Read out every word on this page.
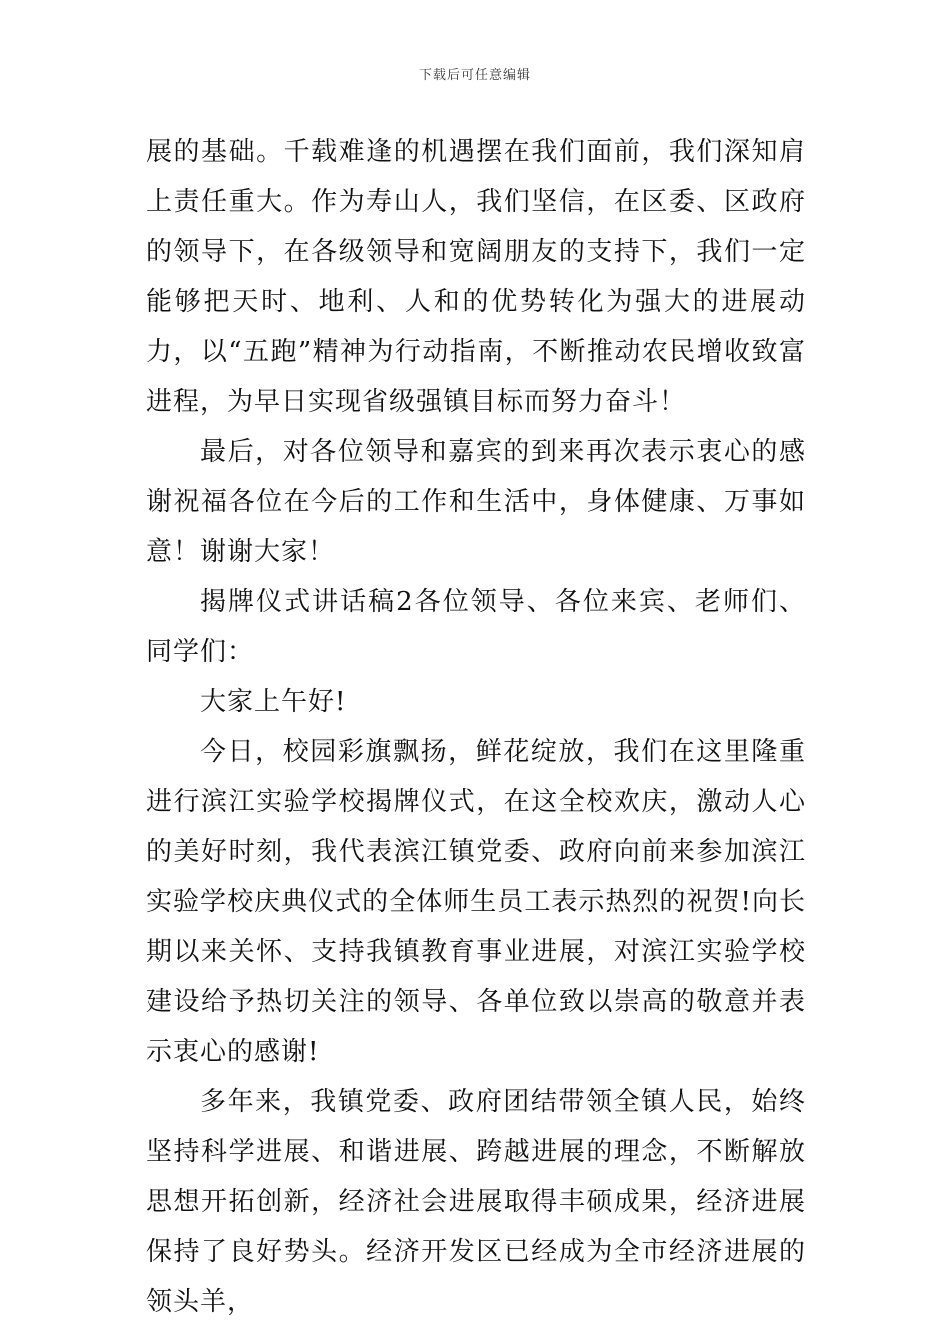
下载后可任意编辑

展的基础。千载难逢的机遇摆在我们面前，我们深知肩上责任重大。作为寿山人，我们坚信，在区委、区政府的领导下，在各级领导和宽阔朋友的支持下，我们一定能够把天时、地利、人和的优势转化为强大的进展动力，以“五跑”精神为行动指南，不断推动农民增收致富进程，为早日实现省级强镇目标而努力奋斗！

最后，对各位领导和嘉宾的到来再次表示衷心的感谢祝福各位在今后的工作和生活中，身体健康、万事如意！谢谢大家！

揭牌仪式讲话稿2各位领导、各位来宾、老师们、同学们：

大家上午好!

今日，校园彩旗飘扬，鲜花绽放，我们在这里隆重进行滨江实验学校揭牌仪式，在这全校欢庆，激动人心的美好时刻，我代表滨江镇党委、政府向前来参加滨江实验学校庆典仪式的全体师生员工表示热烈的祝贺!向长期以来关怀、支持我镇教育事业进展，对滨江实验学校建设给予热切关注的领导、各单位致以崇高的敬意并表示衷心的感谢!

多年来，我镇党委、政府团结带领全镇人民，始终坚持科学进展、和谐进展、跨越进展的理念，不断解放思想开拓创新，经济社会进展取得丰硕成果，经济进展保持了良好势头。经济开发区已经成为全市经济进展的领头羊，
